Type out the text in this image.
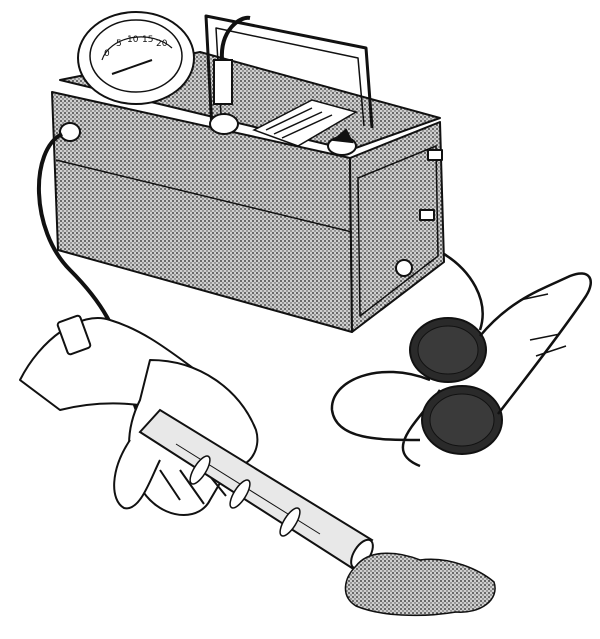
0
5 10 15 20
